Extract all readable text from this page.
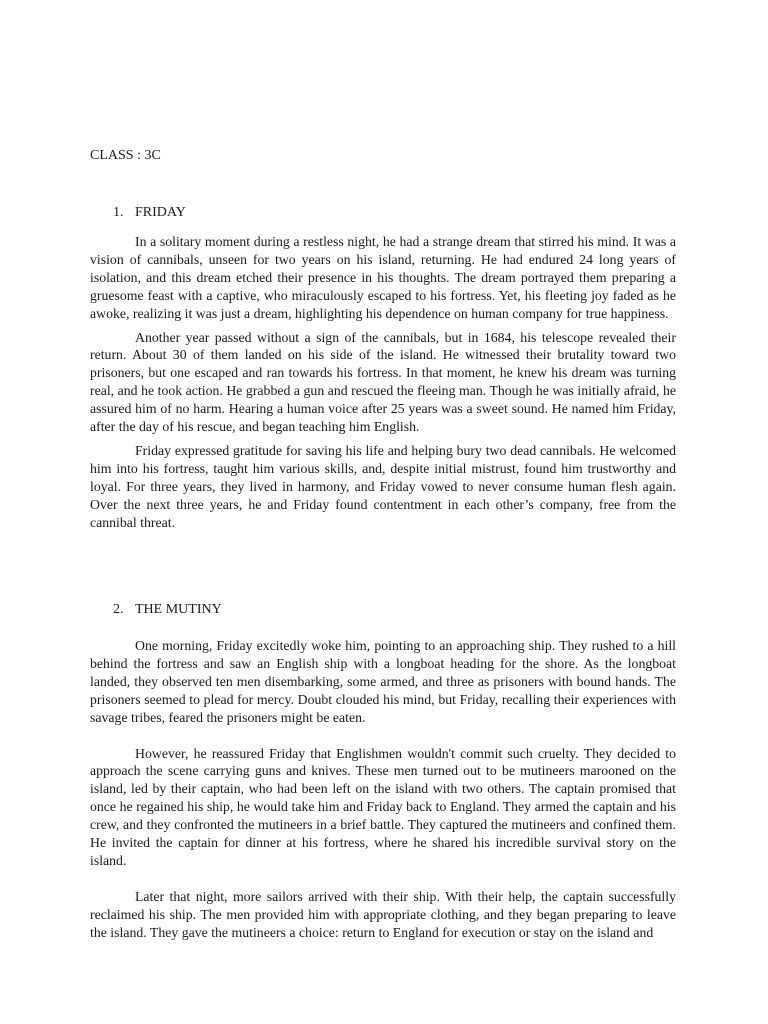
CLASS : 3C

1. FRIDAY

In a solitary moment during a restless night, he had a strange dream that stirred his mind. It was a vision of cannibals, unseen for two years on his island, returning. He had endured 24 long years of isolation, and this dream etched their presence in his thoughts. The dream portrayed them preparing a gruesome feast with a captive, who miraculously escaped to his fortress. Yet, his fleeting joy faded as he awoke, realizing it was just a dream, highlighting his dependence on human company for true happiness.

Another year passed without a sign of the cannibals, but in 1684, his telescope revealed their return. About 30 of them landed on his side of the island. He witnessed their brutality toward two prisoners, but one escaped and ran towards his fortress. In that moment, he knew his dream was turning real, and he took action. He grabbed a gun and rescued the fleeing man. Though he was initially afraid, he assured him of no harm. Hearing a human voice after 25 years was a sweet sound. He named him Friday, after the day of his rescue, and began teaching him English.

Friday expressed gratitude for saving his life and helping bury two dead cannibals. He welcomed him into his fortress, taught him various skills, and, despite initial mistrust, found him trustworthy and loyal. For three years, they lived in harmony, and Friday vowed to never consume human flesh again. Over the next three years, he and Friday found contentment in each other’s company, free from the cannibal threat.

2. THE MUTINY

One morning, Friday excitedly woke him, pointing to an approaching ship. They rushed to a hill behind the fortress and saw an English ship with a longboat heading for the shore. As the longboat landed, they observed ten men disembarking, some armed, and three as prisoners with bound hands. The prisoners seemed to plead for mercy. Doubt clouded his mind, but Friday, recalling their experiences with savage tribes, feared the prisoners might be eaten.

However, he reassured Friday that Englishmen wouldn't commit such cruelty. They decided to approach the scene carrying guns and knives. These men turned out to be mutineers marooned on the island, led by their captain, who had been left on the island with two others. The captain promised that once he regained his ship, he would take him and Friday back to England. They armed the captain and his crew, and they confronted the mutineers in a brief battle. They captured the mutineers and confined them. He invited the captain for dinner at his fortress, where he shared his incredible survival story on the island.

Later that night, more sailors arrived with their ship. With their help, the captain successfully reclaimed his ship. The men provided him with appropriate clothing, and they began preparing to leave the island. They gave the mutineers a choice: return to England for execution or stay on the island and
